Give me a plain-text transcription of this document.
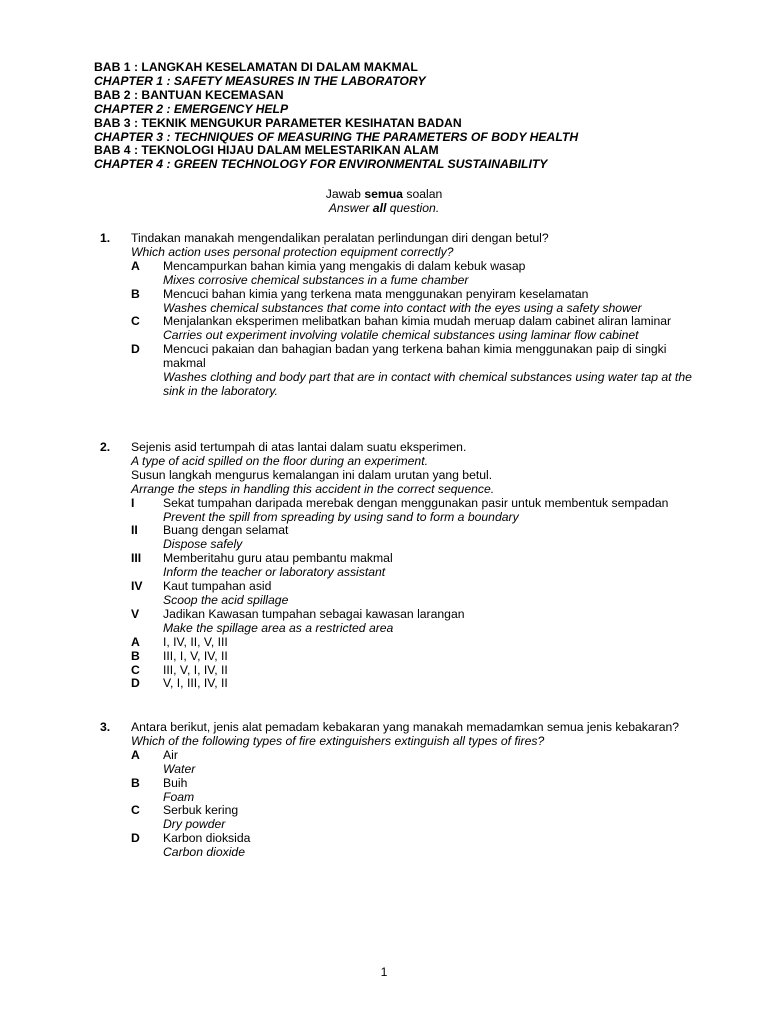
BAB 1 : LANGKAH KESELAMATAN DI DALAM MAKMAL
CHAPTER 1 : SAFETY MEASURES IN THE LABORATORY
BAB 2 : BANTUAN KECEMASAN
CHAPTER 2 : EMERGENCY HELP
BAB 3 : TEKNIK MENGUKUR PARAMETER KESIHATAN BADAN
CHAPTER 3 : TECHNIQUES OF MEASURING THE PARAMETERS OF BODY HEALTH
BAB 4 : TEKNOLOGI HIJAU DALAM MELESTARIKAN ALAM
CHAPTER 4 : GREEN TECHNOLOGY FOR ENVIRONMENTAL SUSTAINABILITY
Jawab semua soalan
Answer all question.
1. Tindakan manakah mengendalikan peralatan perlindungan diri dengan betul?
Which action uses personal protection equipment correctly?
A Mencampurkan bahan kimia yang mengakis di dalam kebuk wasap
Mixes corrosive chemical substances in a fume chamber
B Mencuci bahan kimia yang terkena mata menggunakan penyiram keselamatan
Washes chemical substances that come into contact with the eyes using a safety shower
C Menjalankan eksperimen melibatkan bahan kimia mudah meruap dalam cabinet aliran laminar
Carries out experiment involving volatile chemical substances using laminar flow cabinet
D Mencuci pakaian dan bahagian badan yang terkena bahan kimia menggunakan paip di singki makmal
Washes clothing and body part that are in contact with chemical substances using water tap at the sink in the laboratory.
2. Sejenis asid tertumpah di atas lantai dalam suatu eksperimen.
A type of acid spilled on the floor during an experiment.
Susun langkah mengurus kemalangan ini dalam urutan yang betul.
Arrange the steps in handling this accident in the correct sequence.
I Sekat tumpahan daripada merebak dengan menggunakan pasir untuk membentuk sempadan
Prevent the spill from spreading by using sand to form a boundary
II Buang dengan selamat
Dispose safely
III Memberitahu guru atau pembantu makmal
Inform the teacher or laboratory assistant
IV Kaut tumpahan asid
Scoop the acid spillage
V Jadikan Kawasan tumpahan sebagai kawasan larangan
Make the spillage area as a restricted area
A I, IV, II, V, III
B III, I, V, IV, II
C III, V, I, IV, II
D V, I, III, IV, II
3. Antara berikut, jenis alat pemadam kebakaran yang manakah memadamkan semua jenis kebakaran?
Which of the following types of fire extinguishers extinguish all types of fires?
A Air
Water
B Buih
Foam
C Serbuk kering
Dry powder
D Karbon dioksida
Carbon dioxide
1
